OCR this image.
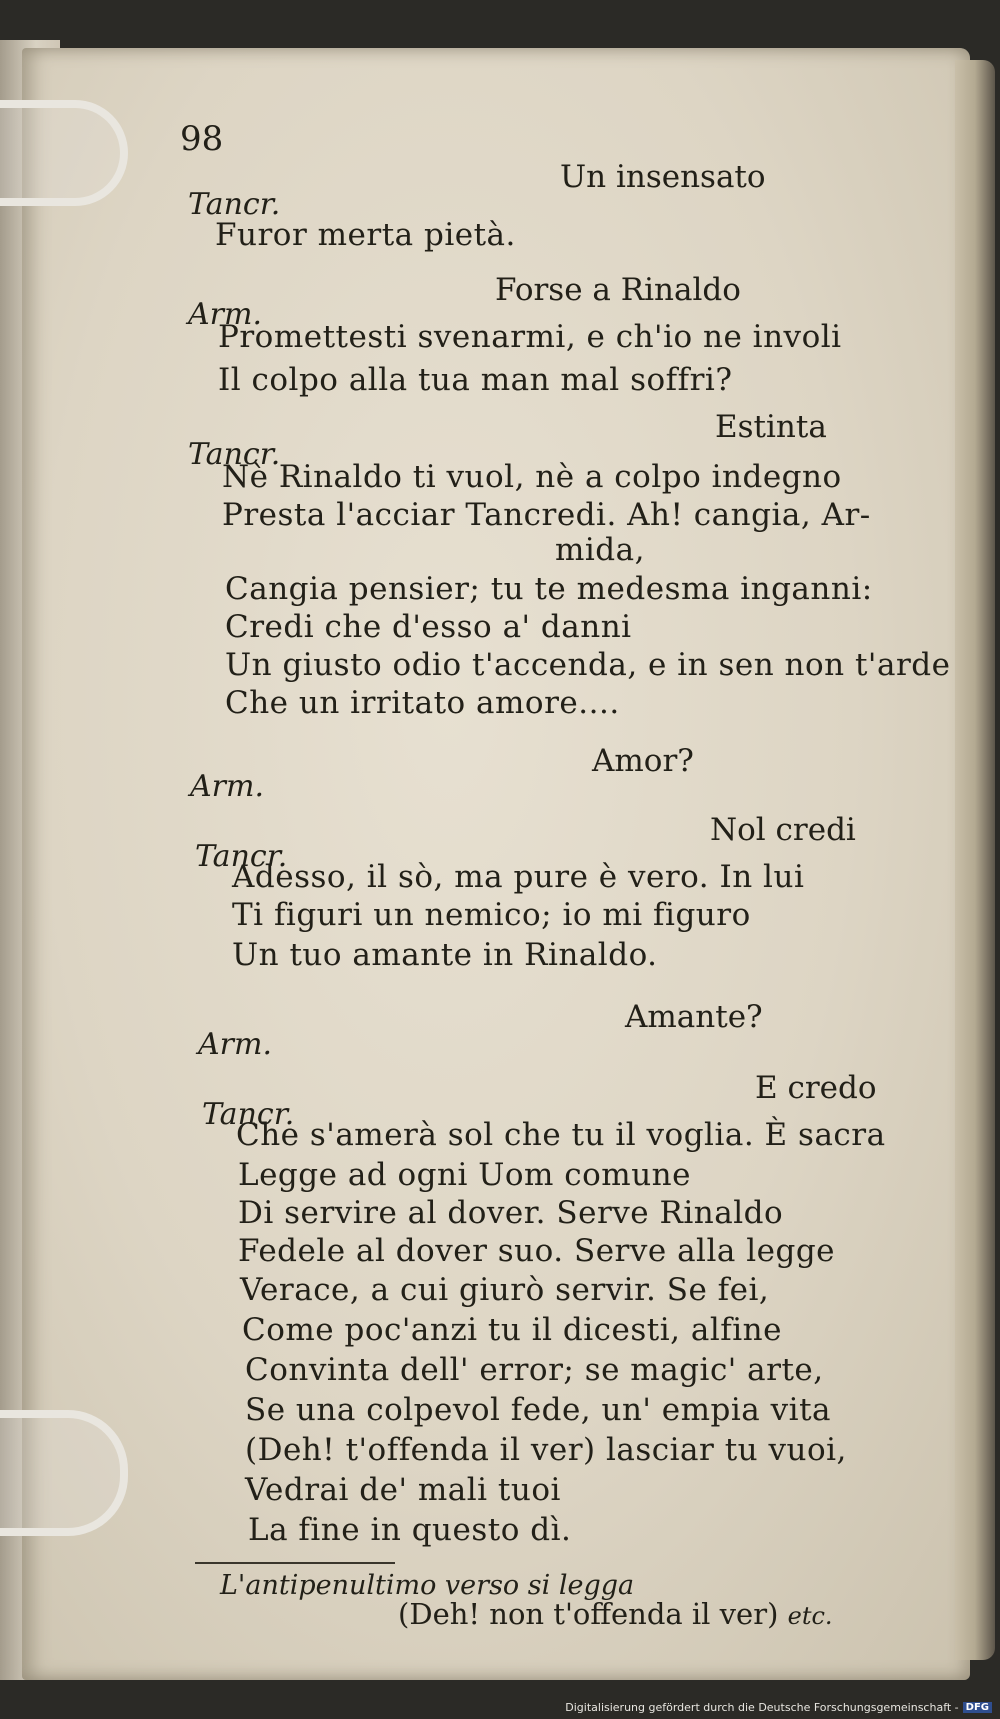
98
Un insensato
Tancr.
Furor merta pietà.
Forse a Rinaldo
Arm.
Promettesti svenarmi, e ch'io ne involi
Il colpo alla tua man mal soffri?
Estinta
Tancr.
Nè Rinaldo ti vuol, nè a colpo indegno
Presta l'acciar Tancredi. Ah! cangia, Ar-
mida,
Cangia pensier; tu te medesma inganni:
Credi che d'esso a' danni
Un giusto odio t'accenda, e in sen non t'arde
Che un irritato amore....
Amor?
Arm.
Nol credi
Tancr.
Adesso, il sò, ma pure è vero. In lui
Ti figuri un nemico; io mi figuro
Un tuo amante in Rinaldo.
Amante?
Arm.
E credo
Tancr.
Che s'amerà sol che tu il voglia. È sacra
Legge ad ogni Uom comune
Di servire al dover. Serve Rinaldo
Fedele al dover suo. Serve alla legge
Verace, a cui giurò servir. Se fei,
Come poc'anzi tu il dicesti, alfine
Convinta dell' error; se magic' arte,
Se una colpevol fede, un' empia vita
(Deh! t'offenda il ver) lasciar tu vuoi,
Vedrai de' mali tuoi
La fine in questo dì.
L'antipenultimo verso si legga
(Deh! non t'offenda il ver) etc.
Digitalisierung gefördert durch die Deutsche Forschungsgemeinschaft - DFG
